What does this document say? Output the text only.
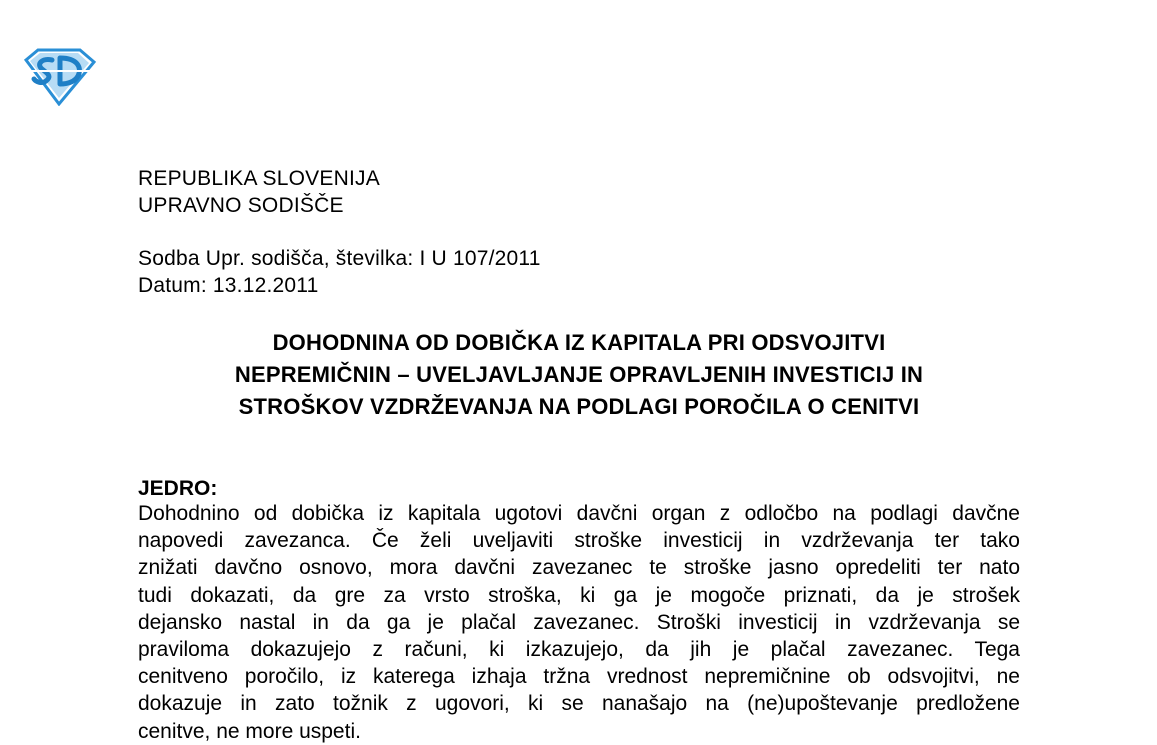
REPUBLIKA SLOVENIJA
UPRAVNO SODIŠČE
Sodba Upr. sodišča, številka: I U 107/2011
Datum: 13.12.2011
DOHODNINA OD DOBIČKA IZ KAPITALA PRI ODSVOJITVI
NEPREMIČNIN – UVELJAVLJANJE OPRAVLJENIH INVESTICIJ IN
STROŠKOV VZDRŽEVANJA NA PODLAGI POROČILA O CENITVI
JEDRO:
Dohodnino od dobička iz kapitala ugotovi davčni organ z odločbo na podlagi davčne
napovedi zavezanca. Če želi uveljaviti stroške investicij in vzdrževanja ter tako
znižati davčno osnovo, mora davčni zavezanec te stroške jasno opredeliti ter nato
tudi dokazati, da gre za vrsto stroška, ki ga je mogoče priznati, da je strošek
dejansko nastal in da ga je plačal zavezanec. Stroški investicij in vzdrževanja se
praviloma dokazujejo z računi, ki izkazujejo, da jih je plačal zavezanec. Tega
cenitveno poročilo, iz katerega izhaja tržna vrednost nepremičnine ob odsvojitvi, ne
dokazuje in zato tožnik z ugovori, ki se nanašajo na (ne)upoštevanje predložene
cenitve, ne more uspeti.
